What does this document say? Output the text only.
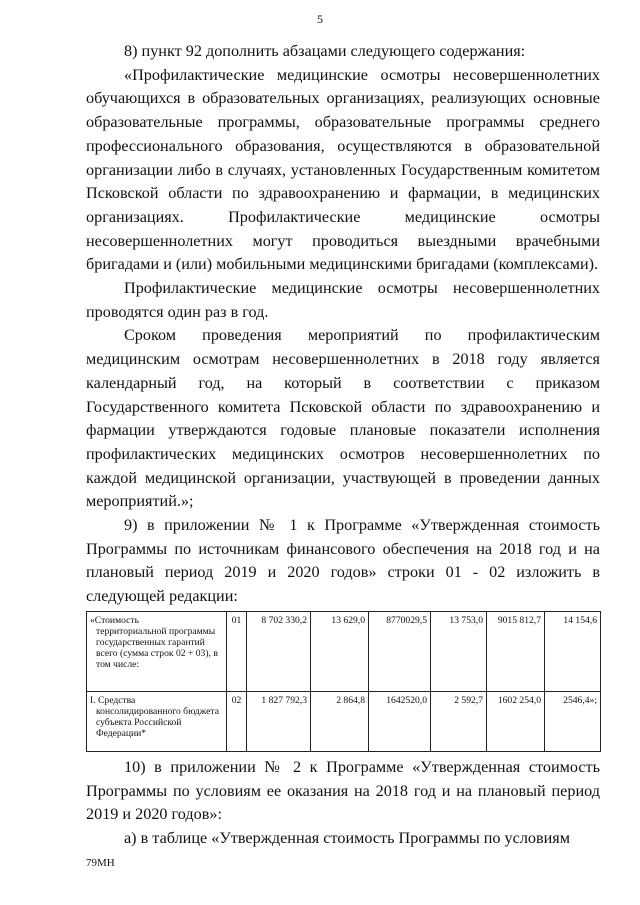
5

8) пункт 92 дополнить абзацами следующего содержания:

«Профилактические медицинские осмотры несовершеннолетних обучающихся в образовательных организациях, реализующих основные образовательные программы, образовательные программы среднего профессионального образования, осуществляются в образовательной организации либо в случаях, установленных Государственным комитетом Псковской области по здравоохранению и фармации, в медицинских организациях. Профилактические медицинские осмотры несовершеннолетних могут проводиться выездными врачебными бригадами и (или) мобильными медицинскими бригадами (комплексами).

Профилактические медицинские осмотры несовершеннолетних проводятся один раз в год.

Сроком проведения мероприятий по профилактическим медицинским осмотрам несовершеннолетних в 2018 году является календарный год, на который в соответствии с приказом Государственного комитета Псковской области по здравоохранению и фармации утверждаются годовые плановые показатели исполнения профилактических медицинских осмотров несовершеннолетних по каждой медицинской организации, участвующей в проведении данных мероприятий.»;

9) в приложении № 1 к Программе «Утвержденная стоимость Программы по источникам финансового обеспечения на 2018 год и на плановый период 2019 и 2020 годов» строки 01 - 02 изложить в следующей редакции:

«Стоимость
территориальной программы государственных гарантий всего (сумма строк 02 + 03), в том числе:	01	8 702 330,2	13 629,0	8770029,5	13 753,0	9015 812,7	14 154,6
I. Средства
консолидированного бюджета субъекта Российской Федерации*	02	1 827 792,3	2 864,8	1642520,0	2 592,7	1602 254,0	2546,4»;

10) в приложении № 2 к Программе «Утвержденная стоимость Программы по условиям ее оказания на 2018 год и на плановый период 2019 и 2020 годов»:

а) в таблице «Утвержденная стоимость Программы по условиям

79МН
